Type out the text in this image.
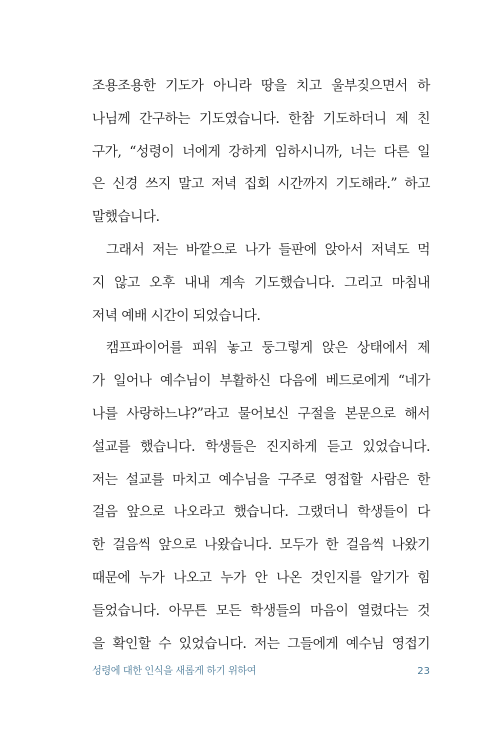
조용조용한 기도가 아니라 땅을 치고 울부짖으면서 하
나님께 간구하는 기도였습니다. 한참 기도하더니 제 친
구가, “성령이 너에게 강하게 임하시니까, 너는 다른 일
은 신경 쓰지 말고 저녁 집회 시간까지 기도해라.” 하고
말했습니다.
그래서 저는 바깥으로 나가 들판에 앉아서 저녁도 먹
지 않고 오후 내내 계속 기도했습니다. 그리고 마침내
저녁 예배 시간이 되었습니다.
캠프파이어를 피워 놓고 둥그렇게 앉은 상태에서 제
가 일어나 예수님이 부활하신 다음에 베드로에게 “네가
나를 사랑하느냐?”라고 물어보신 구절을 본문으로 해서
설교를 했습니다. 학생들은 진지하게 듣고 있었습니다.
저는 설교를 마치고 예수님을 구주로 영접할 사람은 한
걸음 앞으로 나오라고 했습니다. 그랬더니 학생들이 다
한 걸음씩 앞으로 나왔습니다. 모두가 한 걸음씩 나왔기
때문에 누가 나오고 누가 안 나온 것인지를 알기가 힘
들었습니다. 아무튼 모든 학생들의 마음이 열렸다는 것
을 확인할 수 있었습니다. 저는 그들에게 예수님 영접기
성령에 대한 인식을 새롭게 하기 위하여	23
